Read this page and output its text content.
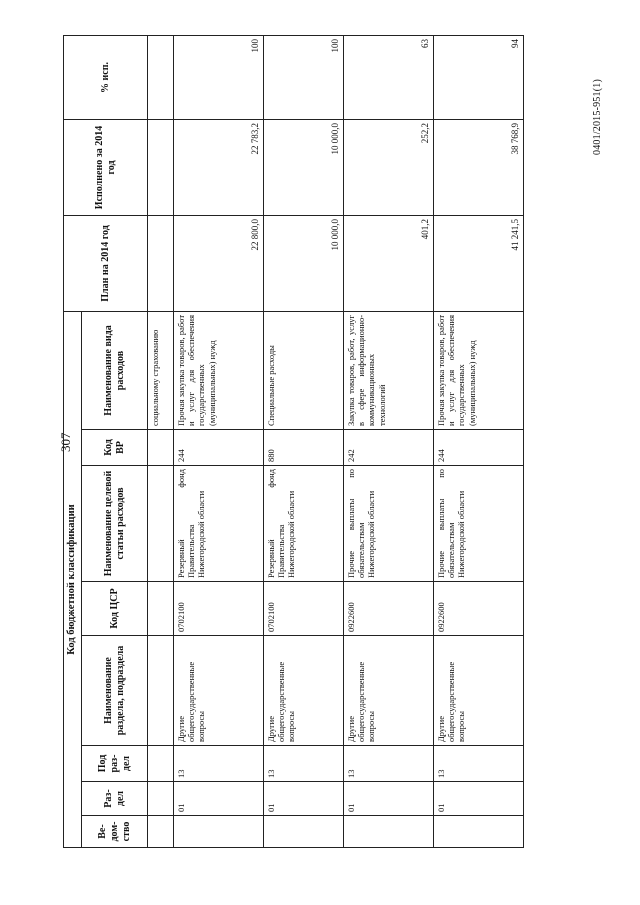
307
0401/2015-951(1)
Код бюджетной классификации								План на 2014 год	Исполнено за 2014 год	% исп.
Ве-дом-ство	Раз-дел	Под раз-дел	Наименование раздела, подраздела	Код ЦСР	Наименование целевой статьи расходов	Код ВР	Наименование вида расходов			
							социальному страхованию			
	01	13	Другие общегосударственные вопросы	0702100	Резервный фонд Правительства Нижегородской области	244	Прочая закупка товаров, работ и услуг для обеспечения государственных (муниципальных) нужд	22 800,0	22 783,2	100
	01	13	Другие общегосударственные вопросы	0702100	Резервный фонд Правительства Нижегородской области	880	Специальные расходы	10 000,0	10 000,0	100
	01	13	Другие общегосударственные вопросы	0922600	Прочие выплаты по обязательствам Нижегородской области	242	Закупка товаров, работ, услуг в сфере информационно-коммуникационных технологий	401,2	252,2	63
	01	13	Другие общегосударственные вопросы	0922600	Прочие выплаты по обязательствам Нижегородской области	244	Прочая закупка товаров, работ и услуг для обеспечения государственных (муниципальных) нужд	41 241,5	38 768,9	94
